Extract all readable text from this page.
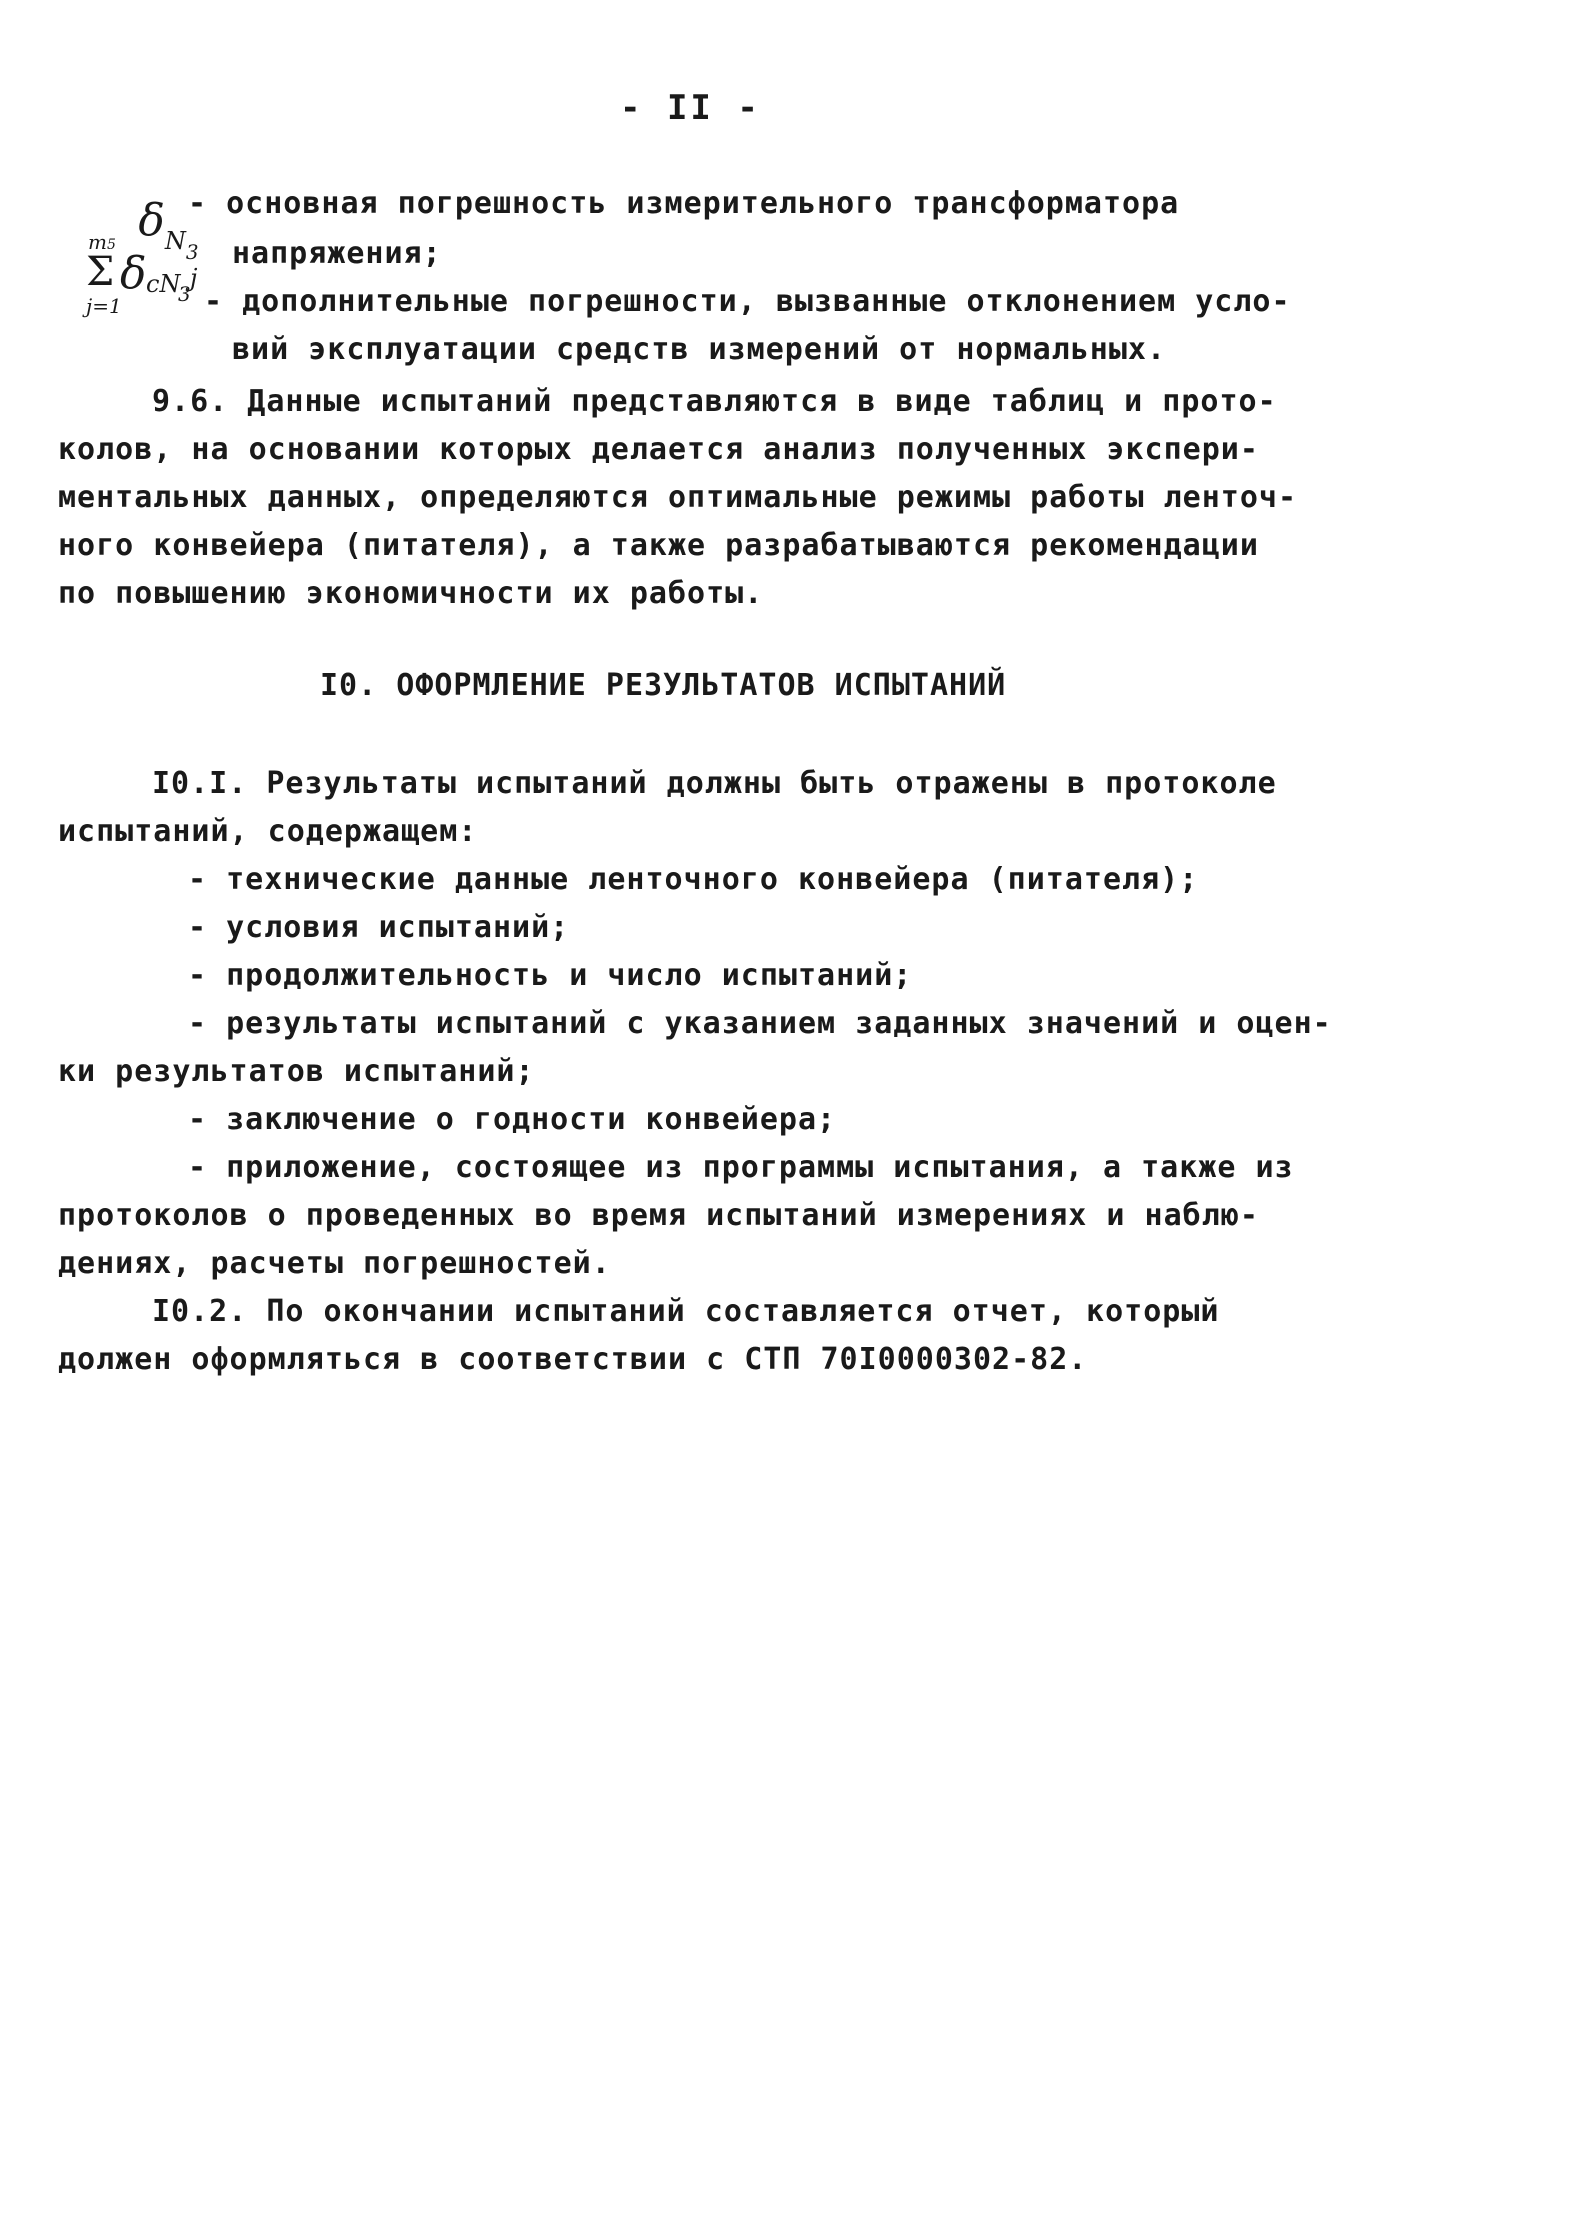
- II -

δN3

- основная погрешность измерительного трансформатора
напряжения;

m5

Σ

j=1

δ

cN

3

j

- дополнительные погрешности, вызванные отклонением усло-
вий эксплуатации средств измерений от нормальных.
9.6. Данные испытаний представляются в виде таблиц и прото-
колов, на основании которых делается анализ полученных экспери-
ментальных данных, определяются оптимальные режимы работы ленточ-
ного конвейера (питателя), а также разрабатываются рекомендации
по повышению экономичности их работы.
I0. ОФОРМЛЕНИЕ РЕЗУЛЬТАТОВ ИСПЫТАНИЙ
I0.I. Результаты испытаний должны быть отражены в протоколе
испытаний, содержащем:
- технические данные ленточного конвейера (питателя);
- условия испытаний;
- продолжительность и число испытаний;
- результаты испытаний с указанием заданных значений и оцен-
ки результатов испытаний;
- заключение о годности конвейера;
- приложение, состоящее из программы испытания, а также из
протоколов о проведенных во время испытаний измерениях и наблю-
дениях, расчеты погрешностей.
I0.2. По окончании испытаний составляется отчет, который
должен оформляться в соответствии с СТП 70I0000302-82.
